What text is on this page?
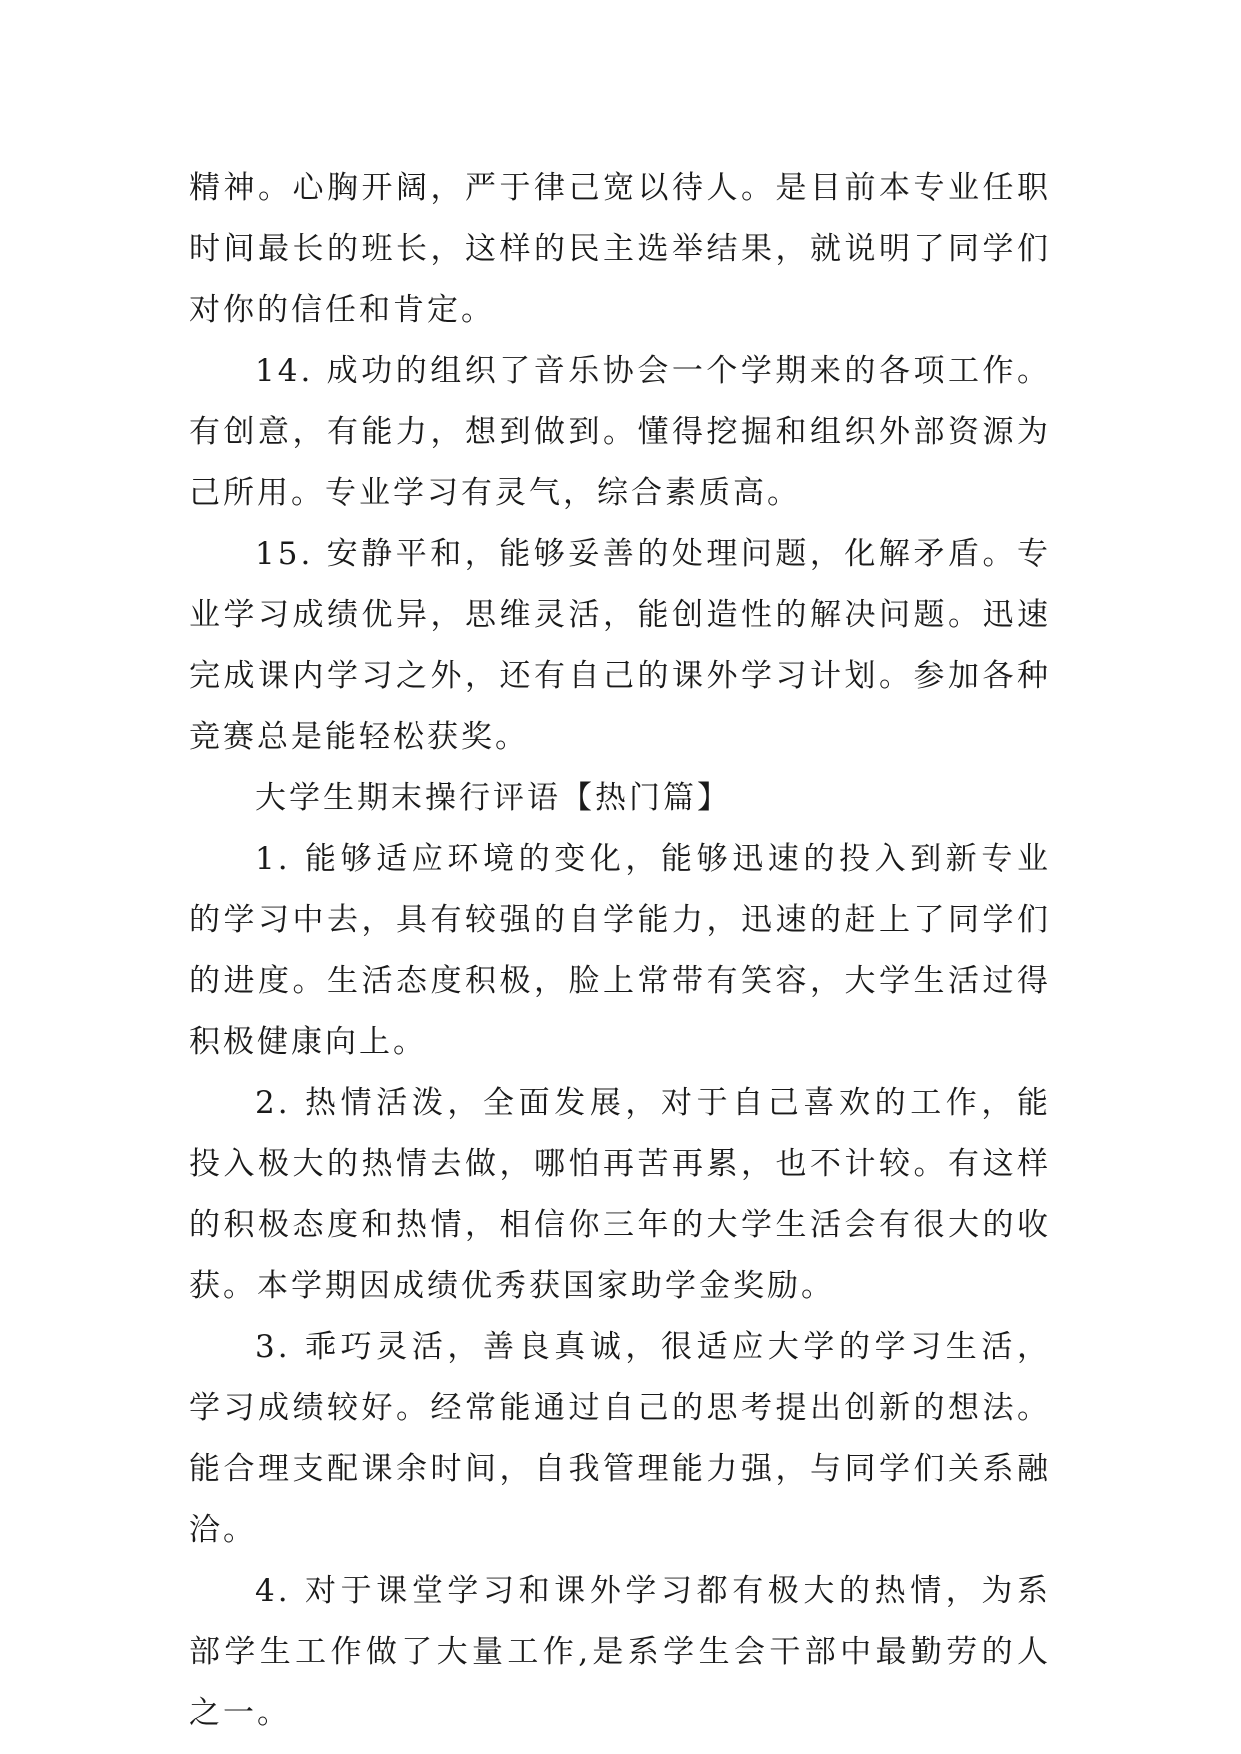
精神。心胸开阔，严于律己宽以待人。是目前本专业任职时间最长的班长，这样的民主选举结果，就说明了同学们对你的信任和肯定。

14. 成功的组织了音乐协会一个学期来的各项工作。有创意，有能力，想到做到。懂得挖掘和组织外部资源为己所用。专业学习有灵气，综合素质高。

15. 安静平和，能够妥善的处理问题，化解矛盾。专业学习成绩优异，思维灵活，能创造性的解决问题。迅速完成课内学习之外，还有自己的课外学习计划。参加各种竞赛总是能轻松获奖。

大学生期末操行评语【热门篇】

1. 能够适应环境的变化，能够迅速的投入到新专业的学习中去，具有较强的自学能力，迅速的赶上了同学们的进度。生活态度积极，脸上常带有笑容，大学生活过得积极健康向上。

2. 热情活泼，全面发展，对于自己喜欢的工作，能投入极大的热情去做，哪怕再苦再累，也不计较。有这样的积极态度和热情，相信你三年的大学生活会有很大的收获。本学期因成绩优秀获国家助学金奖励。

3. 乖巧灵活，善良真诚，很适应大学的学习生活，学习成绩较好。经常能通过自己的思考提出创新的想法。能合理支配课余时间，自我管理能力强，与同学们关系融洽。

4. 对于课堂学习和课外学习都有极大的热情，为系部学生工作做了大量工作,是系学生会干部中最勤劳的人之一。
